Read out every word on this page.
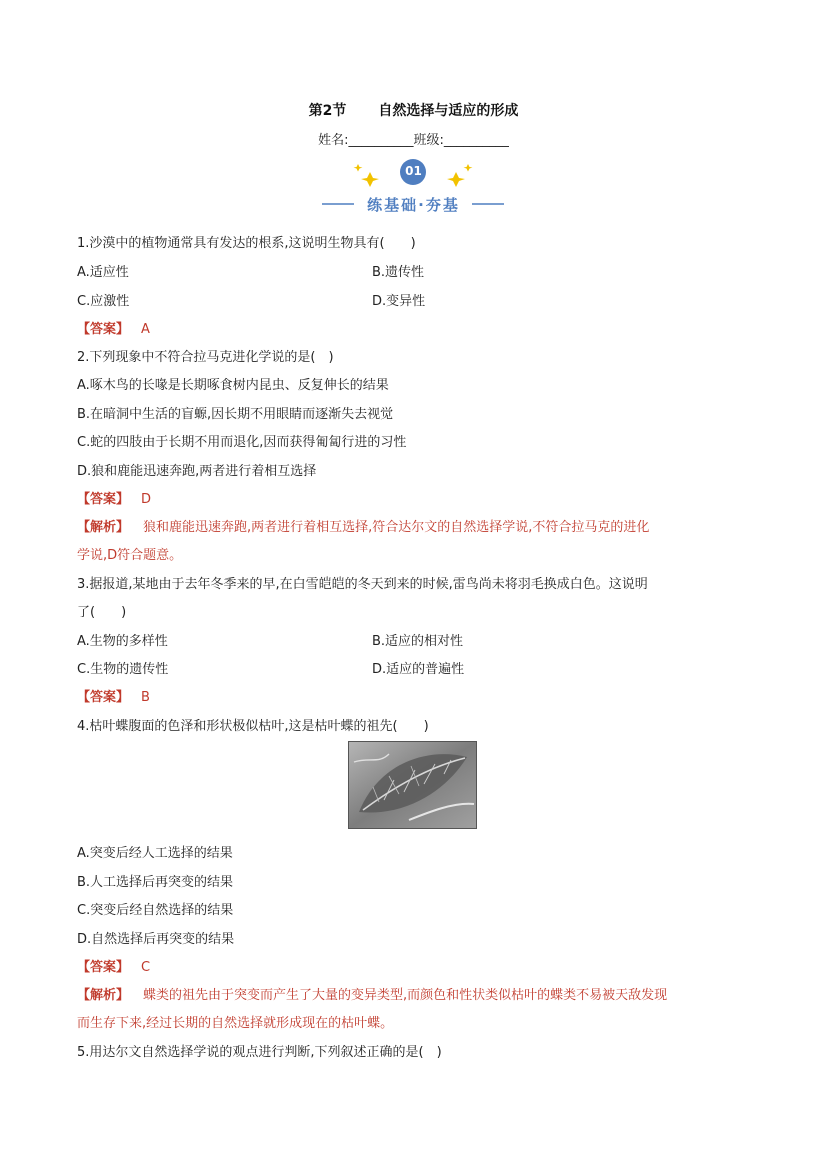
第2节 自然选择与适应的形成
姓名:__________班级:__________
01
练基础·夯基
1.沙漠中的植物通常具有发达的根系,这说明生物具有(　　)
A.适应性	B.遗传性
C.应激性	D.变异性
【答案】 A
2.下列现象中不符合拉马克进化学说的是(　)
A.啄木鸟的长喙是长期啄食树内昆虫、反复伸长的结果
B.在暗洞中生活的盲螈,因长期不用眼睛而逐渐失去视觉
C.蛇的四肢由于长期不用而退化,因而获得匍匐行进的习性
D.狼和鹿能迅速奔跑,两者进行着相互选择
【答案】 D
【解析】 狼和鹿能迅速奔跑,两者进行着相互选择,符合达尔文的自然选择学说,不符合拉马克的进化
学说,D符合题意。
3.据报道,某地由于去年冬季来的早,在白雪皑皑的冬天到来的时候,雷鸟尚未将羽毛换成白色。这说明
了(　　)
A.生物的多样性	B.适应的相对性
C.生物的遗传性	D.适应的普遍性
【答案】 B
4.枯叶蝶腹面的色泽和形状极似枯叶,这是枯叶蝶的祖先(　　)
A.突变后经人工选择的结果
B.人工选择后再突变的结果
C.突变后经自然选择的结果
D.自然选择后再突变的结果
【答案】 C
【解析】 蝶类的祖先由于突变而产生了大量的变异类型,而颜色和性状类似枯叶的蝶类不易被天敌发现
而生存下来,经过长期的自然选择就形成现在的枯叶蝶。
5.用达尔文自然选择学说的观点进行判断,下列叙述正确的是(　)
